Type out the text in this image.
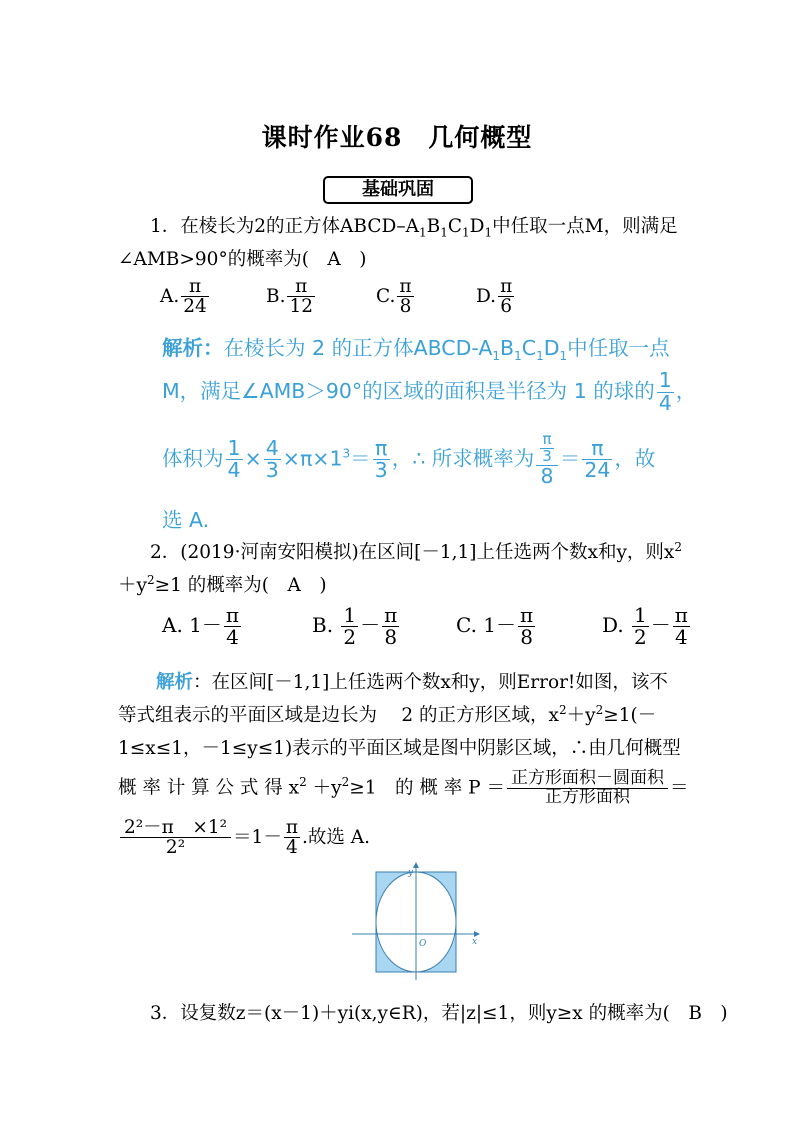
课时作业68　几何概型
基础巩固
1．在棱长为2的正方体ABCD–$A_1B_1C_1D_1$中任取一点M，则满足
∠AMB>90°的概率为(　A　)
A. $\frac{\pi}{24}$	B. $\frac{\pi}{12}$	C. $\frac{\pi}{8}$	D. $\frac{\pi}{6}$
解析：在棱长为 2 的正方体ABCD-$A_1B_1C_1D_1$中任取一点
M，满足∠AMB＞90°的区域的面积是半径为 1 的球的 $\frac{1}{4}$ ，
体积为 $\frac{1}{4} \times \frac{4}{3} \times\pi\times 1^3= \frac{\pi}{3}$ ，∴ 所求概率为 $\frac{\frac{\pi}{3}}{8} = \frac{\pi}{24}$ ，故
选 A.
2．(2019·河南安阳模拟)在区间[－1,1]上任选两个数x和y，则$x^2$
$+y^2\ge 1$ 的概率为(　A　)
A. $1- \frac{\pi}{4}$	B. $\frac{1}{2} - \frac{\pi}{8}$	C. $1- \frac{\pi}{8}$	D. $\frac{1}{2} - \frac{\pi}{4}$
解析：在区间[－1,1]上任选两个数x和y，则Error!如图，该不
等式组表示的平面区域是边长为　 2 的正方形区域，$x^2+y^2\ge 1(-$
1≤x≤1，－1≤y≤1)表示的平面区域是图中阴影区域，∴由几何概型
概 率 计 算 公 式 得 $x^2 +y^2\ge 1$　的 概 率 $P = \frac{\text{正方形面积－圆面积}}{\text{正方形面积}}$ ＝
$\frac{\text{2²－π　×1²}}{\text{2²}} =1- \frac{\pi}{4}$ .故选 A.
x
y
O
3．设复数z＝(x－1)＋yi(x,y∈R)，若|z|≤1，则y≥x 的概率为(　B　)
